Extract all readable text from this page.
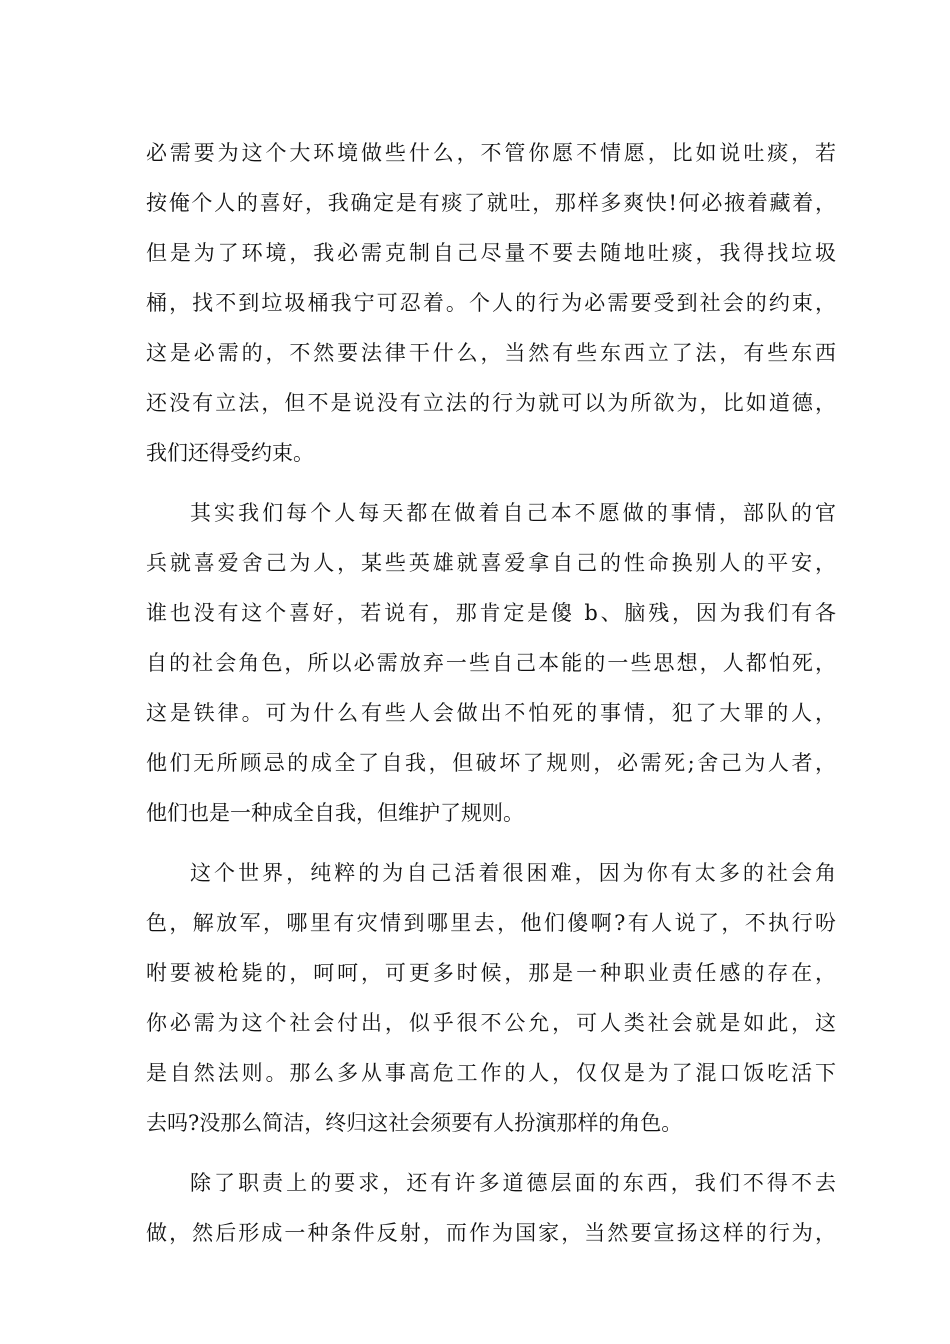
必需要为这个大环境做些什么，不管你愿不情愿，比如说吐痰，若
按俺个人的喜好，我确定是有痰了就吐，那样多爽快!何必掖着藏着，
但是为了环境，我必需克制自己尽量不要去随地吐痰，我得找垃圾
桶，找不到垃圾桶我宁可忍着。个人的行为必需要受到社会的约束，
这是必需的，不然要法律干什么，当然有些东西立了法，有些东西
还没有立法，但不是说没有立法的行为就可以为所欲为，比如道德，
我们还得受约束。
其实我们每个人每天都在做着自己本不愿做的事情，部队的官
兵就喜爱舍己为人，某些英雄就喜爱拿自己的性命换别人的平安，
谁也没有这个喜好，若说有，那肯定是傻 b、脑残，因为我们有各
自的社会角色，所以必需放弃一些自己本能的一些思想，人都怕死，
这是铁律。可为什么有些人会做出不怕死的事情，犯了大罪的人，
他们无所顾忌的成全了自我，但破坏了规则，必需死;舍己为人者，
他们也是一种成全自我，但维护了规则。
这个世界，纯粹的为自己活着很困难，因为你有太多的社会角
色，解放军，哪里有灾情到哪里去，他们傻啊?有人说了，不执行吩
咐要被枪毙的，呵呵，可更多时候，那是一种职业责任感的存在，
你必需为这个社会付出，似乎很不公允，可人类社会就是如此，这
是自然法则。那么多从事高危工作的人，仅仅是为了混口饭吃活下
去吗?没那么简洁，终归这社会须要有人扮演那样的角色。
除了职责上的要求，还有许多道德层面的东西，我们不得不去
做，然后形成一种条件反射，而作为国家，当然要宣扬这样的行为，
